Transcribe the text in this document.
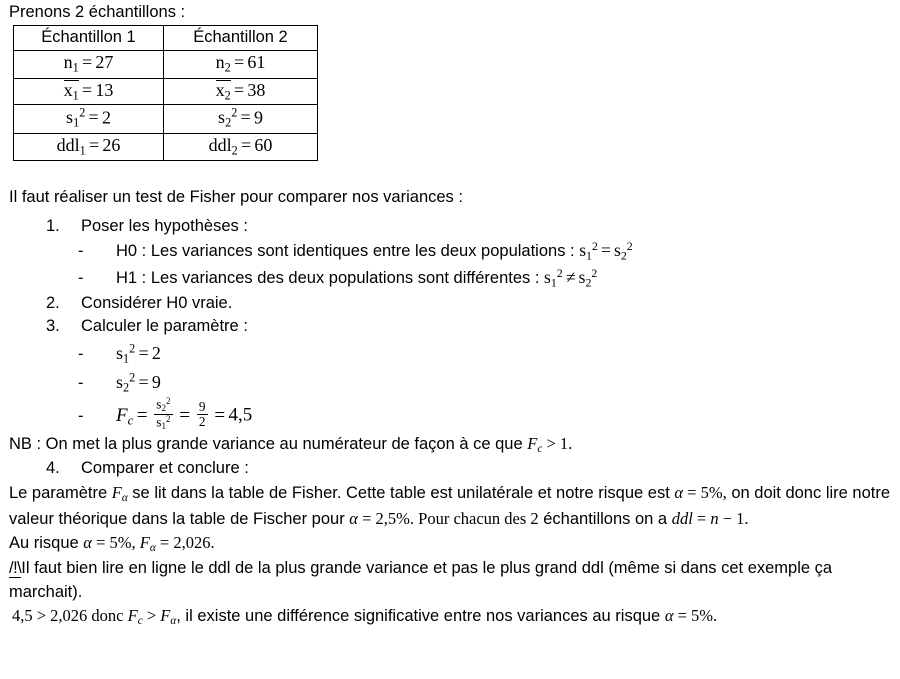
Prenons 2 échantillons :
Échantillon 1	Échantillon 2
$n_1 = 27$	$n_2 = 61$
$x_1 = 13$	$x_2 = 38$
$s_1^2 = 2$	$s_2^2 = 9$
ddl$_1$ = 26	ddl$_2$ = 60
Il faut réaliser un test de Fisher pour comparer nos variances :
1.	Poser les hypothèses :
-	H0 : Les variances sont identiques entre les deux populations : $s_1^2 = s_2^2$
-	H1 : Les variances des deux populations sont différentes : $s_1^2 \ne s_2^2$
2.	Considérer H0 vraie.
3.	Calculer le paramètre :
-	$s_1^2 = 2$
-	$s_2^2 = 9$
-	$F_c = \frac{s_2^2}{s_1^2} = \frac{9}{2} = 4,5$
NB : On met la plus grande variance au numérateur de façon à ce que $F_c > 1$.
4.	Comparer et conclure :
Le paramètre $F_\alpha$ se lit dans la table de Fisher. Cette table est unilatérale et notre risque est α = 5%, on doit donc lire notre valeur théorique dans la table de Fischer pour α = 2,5%. Pour chacun des 2 échantillons on a ddl = n − 1.
Au risque α = 5%, $F_\alpha = 2,026$.
/!\Il faut bien lire en ligne le ddl de la plus grande variance et pas le plus grand ddl (même si dans cet exemple ça marchait).
4,5 > 2,026 donc $F_c > F_\alpha$, il existe une différence significative entre nos variances au risque α = 5%.
